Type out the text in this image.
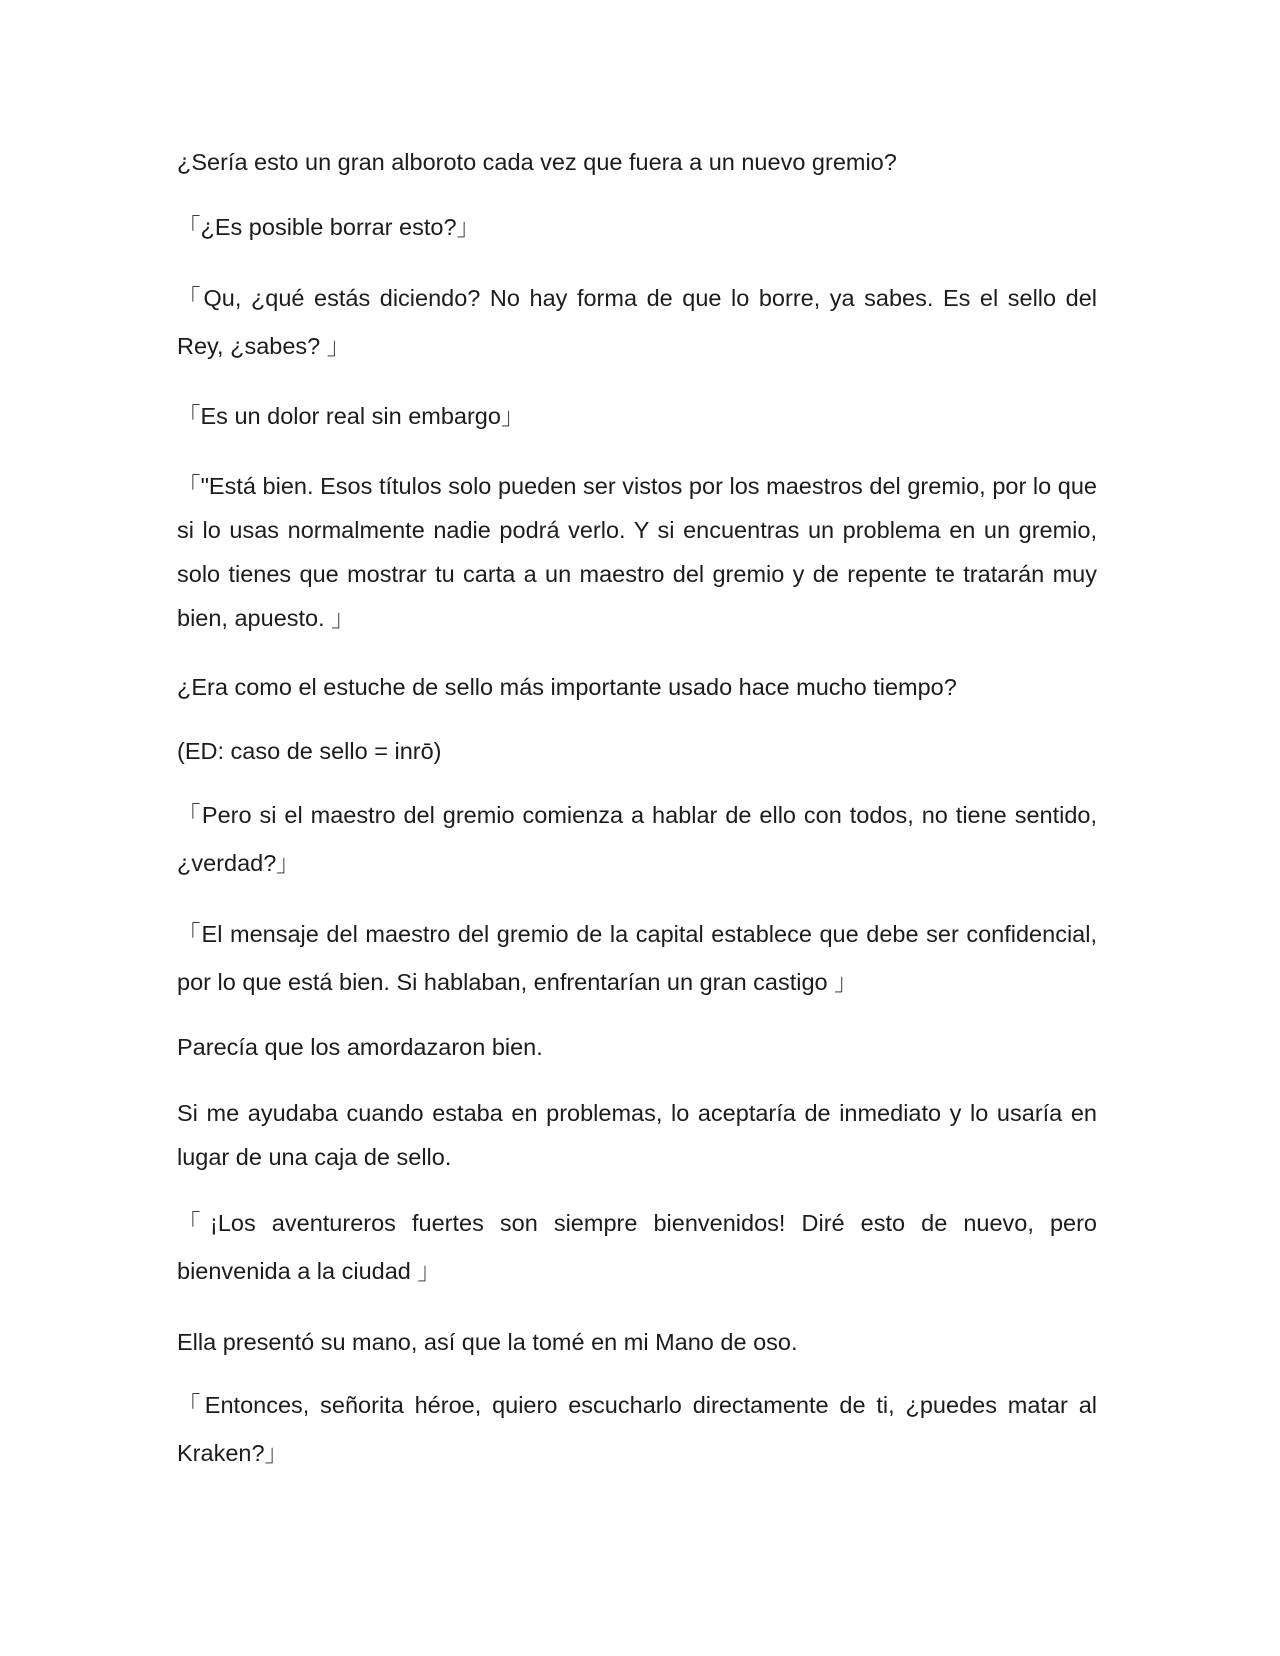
¿Sería esto un gran alboroto cada vez que fuera a un nuevo gremio?

「¿Es posible borrar esto?」

「Qu, ¿qué estás diciendo? No hay forma de que lo borre, ya sabes. Es el sello del Rey, ¿sabes? 」

「Es un dolor real sin embargo」

「"Está bien. Esos títulos solo pueden ser vistos por los maestros del gremio, por lo que si lo usas normalmente nadie podrá verlo. Y si encuentras un problema en un gremio, solo tienes que mostrar tu carta a un maestro del gremio y de repente te tratarán muy bien, apuesto. 」

¿Era como el estuche de sello más importante usado hace mucho tiempo?

(ED: caso de sello = inrō)

「Pero si el maestro del gremio comienza a hablar de ello con todos, no tiene sentido, ¿verdad?」

「El mensaje del maestro del gremio de la capital establece que debe ser confidencial, por lo que está bien. Si hablaban, enfrentarían un gran castigo 」

Parecía que los amordazaron bien.

Si me ayudaba cuando estaba en problemas, lo aceptaría de inmediato y lo usaría en lugar de una caja de sello.

「¡Los aventureros fuertes son siempre bienvenidos! Diré esto de nuevo, pero bienvenida a la ciudad 」

Ella presentó su mano, así que la tomé en mi Mano de oso.

「Entonces, señorita héroe, quiero escucharlo directamente de ti, ¿puedes matar al Kraken?」
